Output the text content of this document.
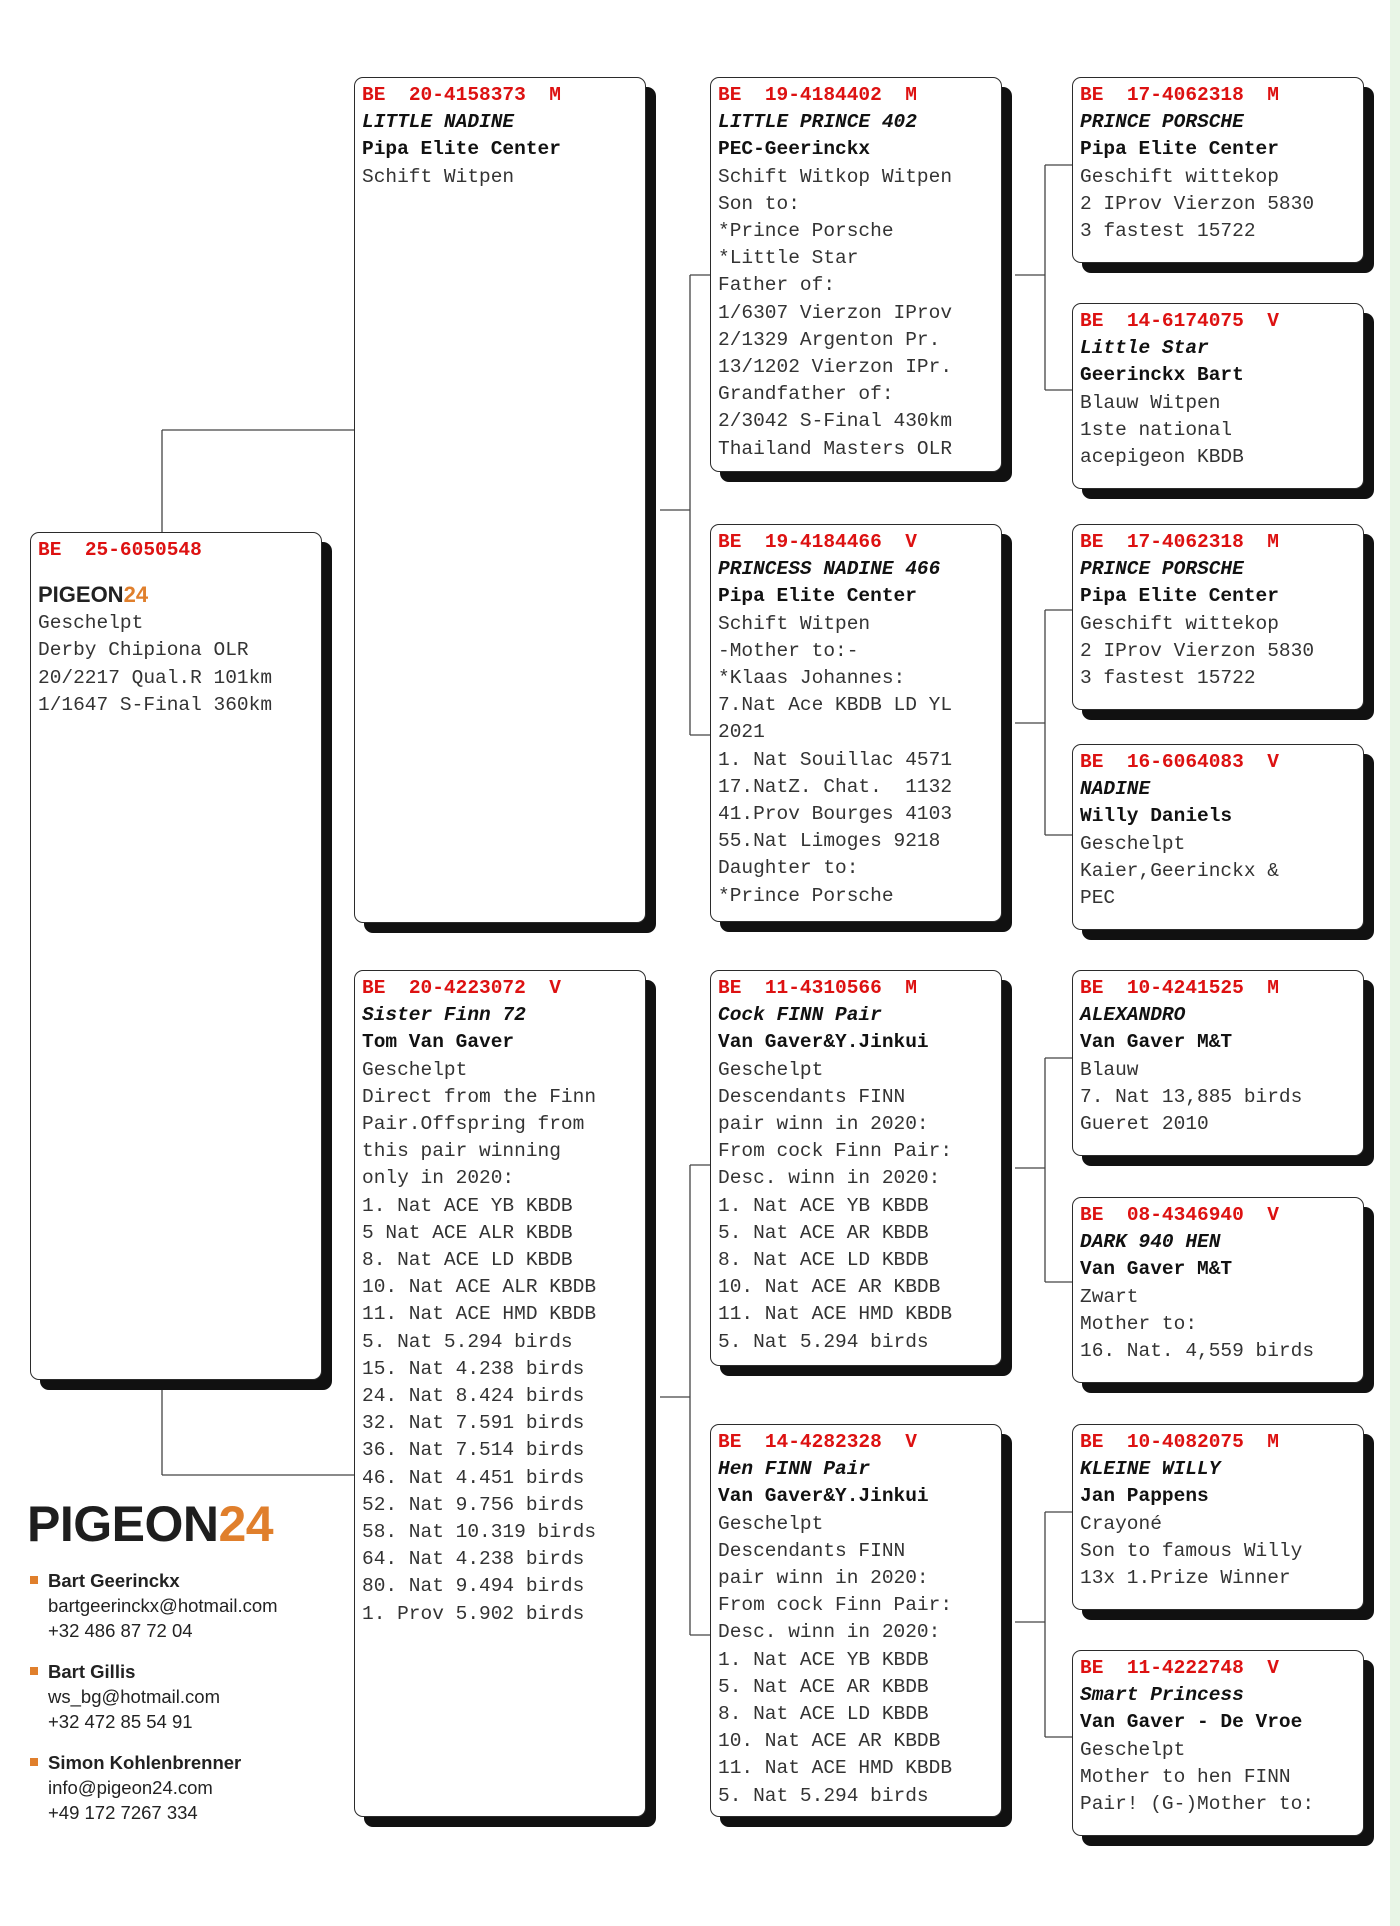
BE 25-6050548
PIGEON24
Geschelpt
Derby Chipiona OLR
20/2217 Qual.R 101km
1/1647 S-Final 360km
BE 20-4158373 M
LITTLE NADINE
Pipa Elite Center
Schift Witpen
BE 20-4223072 V
Sister Finn 72
Tom Van Gaver
Geschelpt
Direct from the Finn
Pair.Offspring from
this pair winning
only in 2020:
1. Nat ACE YB KBDB
5 Nat ACE ALR KBDB
8. Nat ACE LD KBDB
10. Nat ACE ALR KBDB
11. Nat ACE HMD KBDB
5. Nat 5.294 birds
15. Nat 4.238 birds
24. Nat 8.424 birds
32. Nat 7.591 birds
36. Nat 7.514 birds
46. Nat 4.451 birds
52. Nat 9.756 birds
58. Nat 10.319 birds
64. Nat 4.238 birds
80. Nat 9.494 birds
1. Prov 5.902 birds
BE 19-4184402 M
LITTLE PRINCE 402
PEC-Geerinckx
Schift Witkop Witpen
Son to:
*Prince Porsche
*Little Star
Father of:
1/6307 Vierzon IProv
2/1329 Argenton Pr.
13/1202 Vierzon IPr.
Grandfather of:
2/3042 S-Final 430km
Thailand Masters OLR
BE 19-4184466 V
PRINCESS NADINE 466
Pipa Elite Center
Schift Witpen
-Mother to:-
*Klaas Johannes:
7.Nat Ace KBDB LD YL
2021
1. Nat Souillac 4571
17.NatZ. Chat.  1132
41.Prov Bourges 4103
55.Nat Limoges 9218
Daughter to:
*Prince Porsche
BE 11-4310566 M
Cock FINN Pair
Van Gaver&Y.Jinkui
Geschelpt
Descendants FINN
pair winn in 2020:
From cock Finn Pair:
Desc. winn in 2020:
1. Nat ACE YB KBDB
5. Nat ACE AR KBDB
8. Nat ACE LD KBDB
10. Nat ACE AR KBDB
11. Nat ACE HMD KBDB
5. Nat 5.294 birds
BE 14-4282328 V
Hen FINN Pair
Van Gaver&Y.Jinkui
Geschelpt
Descendants FINN
pair winn in 2020:
From cock Finn Pair:
Desc. winn in 2020:
1. Nat ACE YB KBDB
5. Nat ACE AR KBDB
8. Nat ACE LD KBDB
10. Nat ACE AR KBDB
11. Nat ACE HMD KBDB
5. Nat 5.294 birds
BE 17-4062318 M
PRINCE PORSCHE
Pipa Elite Center
Geschift wittekop
2 IProv Vierzon 5830
3 fastest 15722
BE 14-6174075 V
Little Star
Geerinckx Bart
Blauw Witpen
1ste national
acepigeon KBDB
BE 17-4062318 M
PRINCE PORSCHE
Pipa Elite Center
Geschift wittekop
2 IProv Vierzon 5830
3 fastest 15722
BE 16-6064083 V
NADINE
Willy Daniels
Geschelpt
Kaier,Geerinckx &
PEC
BE 10-4241525 M
ALEXANDRO
Van Gaver M&T
Blauw
7. Nat 13,885 birds
Gueret 2010
BE 08-4346940 V
DARK 940 HEN
Van Gaver M&T
Zwart
Mother to:
16. Nat. 4,559 birds
BE 10-4082075 M
KLEINE WILLY
Jan Pappens
Crayoné
Son to famous Willy
13x 1.Prize Winner
BE 11-4222748 V
Smart Princess
Van Gaver - De Vroe
Geschelpt
Mother to hen FINN
Pair! (G-)Mother to:
PIGEON24
Bart Geerinckx
bartgeerinckx@hotmail.com
+32 486 87 72 04
Bart Gillis
ws_bg@hotmail.com
+32 472 85 54 91
Simon Kohlenbrenner
info@pigeon24.com
+49 172 7267 334
